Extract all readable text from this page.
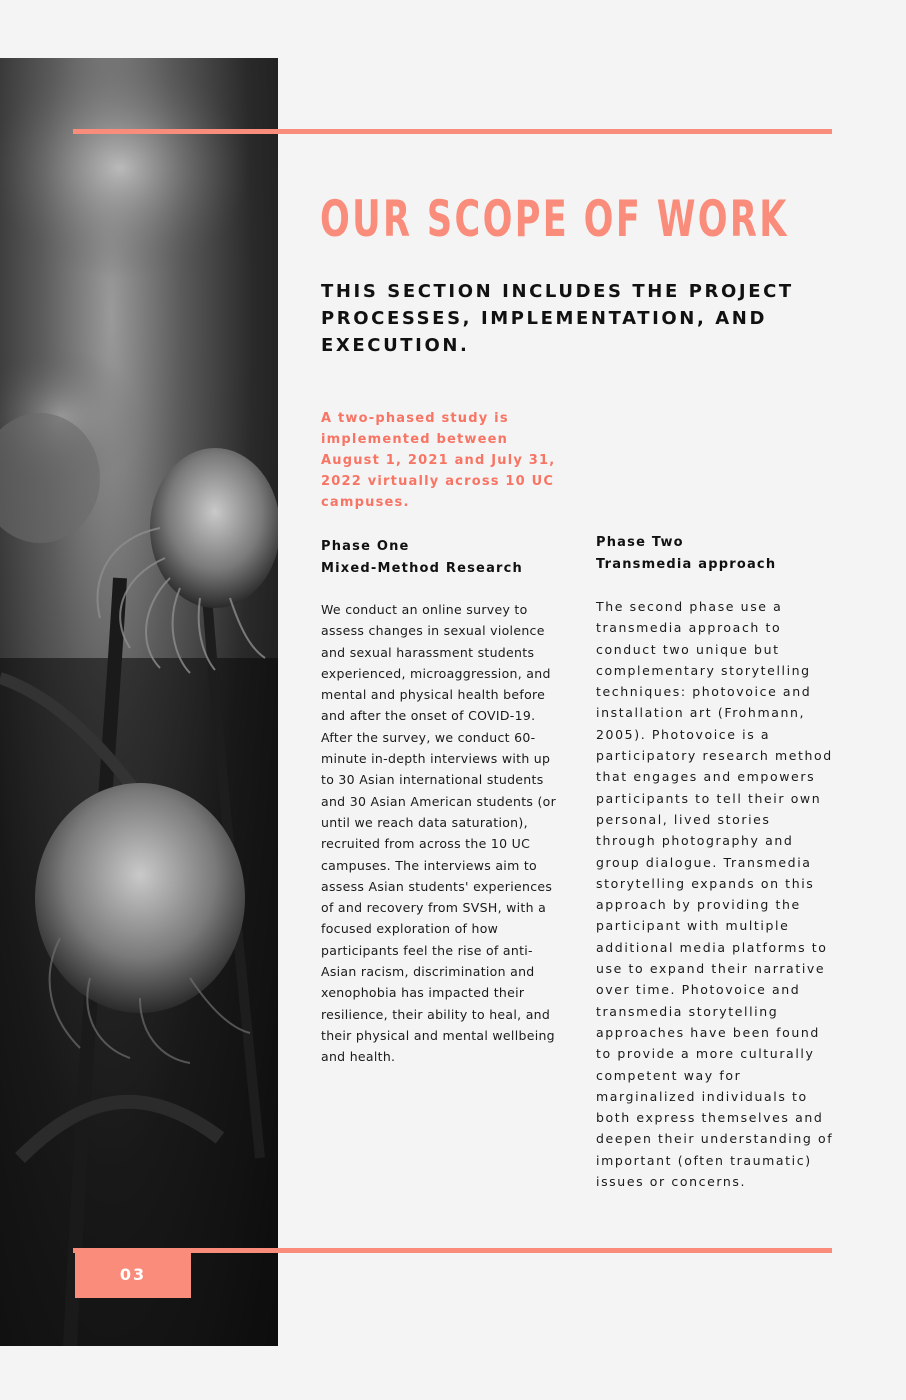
OUR SCOPE OF WORK
THIS SECTION INCLUDES THE PROJECT PROCESSES, IMPLEMENTATION, AND EXECUTION.
A two-phased study is implemented between August 1, 2021 and July 31, 2022 virtually across 10 UC campuses.
Phase One
Mixed-Method Research
Phase Two
Transmedia approach
We conduct an online survey to assess changes in sexual violence and sexual harassment students experienced, microaggression, and mental and physical health before and after the onset of COVID-19. After the survey, we conduct 60-minute in-depth interviews with up to 30 Asian international students and 30 Asian American students (or until we reach data saturation), recruited from across the 10 UC campuses. The interviews aim to assess Asian students' experiences of and recovery from SVSH, with a focused exploration of how participants feel the rise of anti-Asian racism, discrimination and xenophobia has impacted their resilience, their ability to heal, and their physical and mental wellbeing and health.
The second phase use a transmedia approach to conduct two unique but complementary storytelling techniques: photovoice and installation art (Frohmann, 2005). Photovoice is a participatory research method that engages and empowers participants to tell their own personal, lived stories through photography and group dialogue. Transmedia storytelling expands on this approach by providing the participant with multiple additional media platforms to use to expand their narrative over time. Photovoice and transmedia storytelling approaches have been found to provide a more culturally competent way for marginalized individuals to both express themselves and deepen their understanding of important (often traumatic) issues or concerns.
03
